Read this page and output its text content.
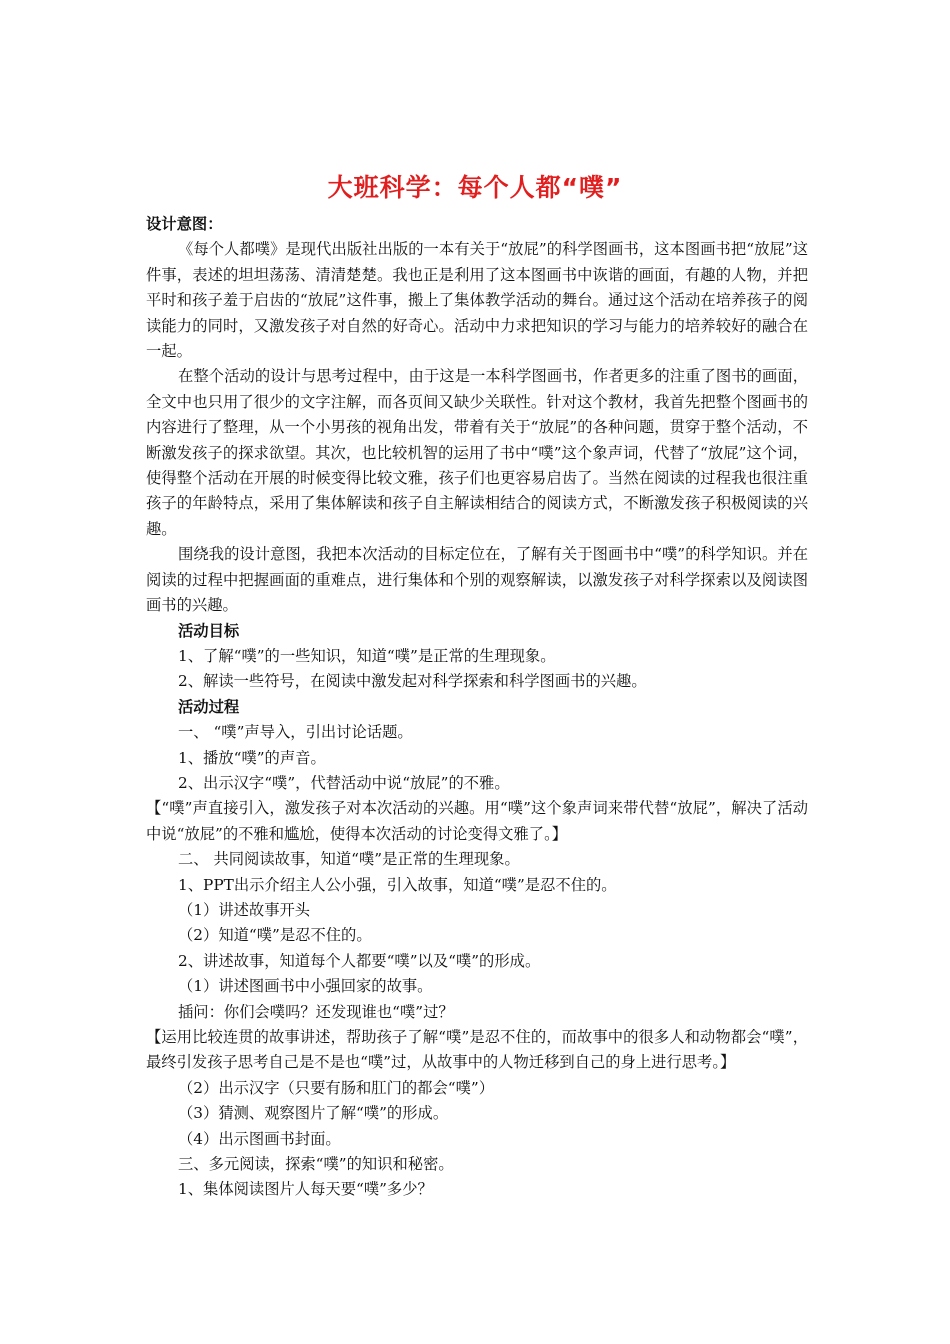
大班科学：每个人都“噗”

设计意图：

《每个人都噗》是现代出版社出版的一本有关于“放屁”的科学图画书，这本图画书把“放屁”这件事，表述的坦坦荡荡、清清楚楚。我也正是利用了这本图画书中诙谐的画面，有趣的人物，并把平时和孩子羞于启齿的“放屁”这件事，搬上了集体教学活动的舞台。通过这个活动在培养孩子的阅读能力的同时，又激发孩子对自然的好奇心。活动中力求把知识的学习与能力的培养较好的融合在一起。

在整个活动的设计与思考过程中，由于这是一本科学图画书，作者更多的注重了图书的画面，全文中也只用了很少的文字注解，而各页间又缺少关联性。针对这个教材，我首先把整个图画书的内容进行了整理，从一个小男孩的视角出发，带着有关于“放屁”的各种问题，贯穿于整个活动，不断激发孩子的探求欲望。其次，也比较机智的运用了书中“噗”这个象声词，代替了“放屁”这个词，使得整个活动在开展的时候变得比较文雅，孩子们也更容易启齿了。当然在阅读的过程我也很注重孩子的年龄特点，采用了集体解读和孩子自主解读相结合的阅读方式，不断激发孩子积极阅读的兴趣。

围绕我的设计意图，我把本次活动的目标定位在，了解有关于图画书中“噗”的科学知识。并在阅读的过程中把握画面的重难点，进行集体和个别的观察解读，以激发孩子对科学探索以及阅读图画书的兴趣。

活动目标

1、了解“噗”的一些知识，知道“噗”是正常的生理现象。

2、解读一些符号，在阅读中激发起对科学探索和科学图画书的兴趣。

活动过程

一、 “噗”声导入，引出讨论话题。

1、播放“噗”的声音。

2、出示汉字“噗”，代替活动中说“放屁”的不雅。

【“噗”声直接引入，激发孩子对本次活动的兴趣。用“噗”这个象声词来带代替“放屁”，解决了活动中说“放屁”的不雅和尴尬，使得本次活动的讨论变得文雅了。】

二、 共同阅读故事，知道“噗”是正常的生理现象。

1、PPT出示介绍主人公小强，引入故事，知道“噗”是忍不住的。

（1）讲述故事开头

（2）知道“噗”是忍不住的。

2、讲述故事，知道每个人都要“噗”以及“噗”的形成。

（1）讲述图画书中小强回家的故事。

插问：你们会噗吗？还发现谁也“噗”过？

【运用比较连贯的故事讲述，帮助孩子了解“噗”是忍不住的，而故事中的很多人和动物都会“噗”，最终引发孩子思考自己是不是也“噗”过，从故事中的人物迁移到自己的身上进行思考。】

（2）出示汉字（只要有肠和肛门的都会“噗”）

（3）猜测、观察图片了解“噗”的形成。

（4）出示图画书封面。

三、多元阅读，探索“噗”的知识和秘密。

1、集体阅读图片人每天要“噗”多少？
